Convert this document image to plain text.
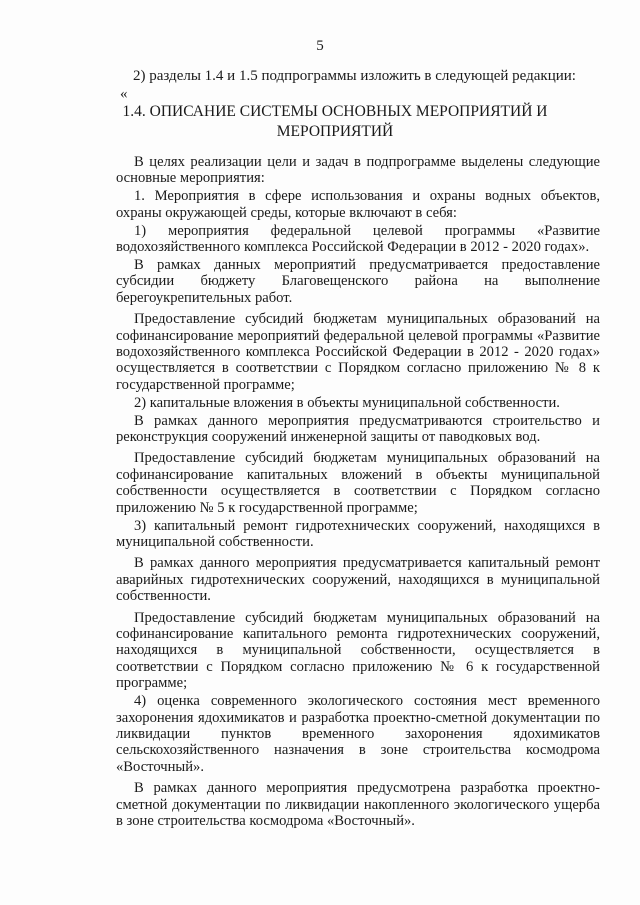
5
2) разделы 1.4 и 1.5 подпрограммы изложить в следующей редакции:
«
1.4. ОПИСАНИЕ СИСТЕМЫ ОСНОВНЫХ МЕРОПРИЯТИЙ И МЕРОПРИЯТИЙ

В целях реализации цели и задач в подпрограмме выделены следующие основные мероприятия:

1. Мероприятия в сфере использования и охраны водных объектов, охраны окружающей среды, которые включают в себя:

1) мероприятия федеральной целевой программы «Развитие водохозяйственного комплекса Российской Федерации в 2012 - 2020 годах».

В рамках данных мероприятий предусматривается предоставление субсидии бюджету Благовещенского района на выполнение берегоукрепительных работ.

Предоставление субсидий бюджетам муниципальных образований на софинансирование мероприятий федеральной целевой программы «Развитие водохозяйственного комплекса Российской Федерации в 2012 - 2020 годах» осуществляется в соответствии с Порядком согласно приложению № 8 к государственной программе;

2) капитальные вложения в объекты муниципальной собственности.

В рамках данного мероприятия предусматриваются строительство и реконструкция сооружений инженерной защиты от паводковых вод.

Предоставление субсидий бюджетам муниципальных образований на софинансирование капитальных вложений в объекты муниципальной собственности осуществляется в соответствии с Порядком согласно приложению № 5 к государственной программе;

3) капитальный ремонт гидротехнических сооружений, находящихся в муниципальной собственности.

В рамках данного мероприятия предусматривается капитальный ремонт аварийных гидротехнических сооружений, находящихся в муниципальной собственности.

Предоставление субсидий бюджетам муниципальных образований на софинансирование капитального ремонта гидротехнических сооружений, находящихся в муниципальной собственности, осуществляется в соответствии с Порядком согласно приложению № 6 к государственной программе;

4) оценка современного экологического состояния мест временного захоронения ядохимикатов и разработка проектно-сметной документации по ликвидации пунктов временного захоронения ядохимикатов сельскохозяйственного назначения в зоне строительства космодрома «Восточный».

В рамках данного мероприятия предусмотрена разработка проектно-сметной документации по ликвидации накопленного экологического ущерба в зоне строительства космодрома «Восточный».
